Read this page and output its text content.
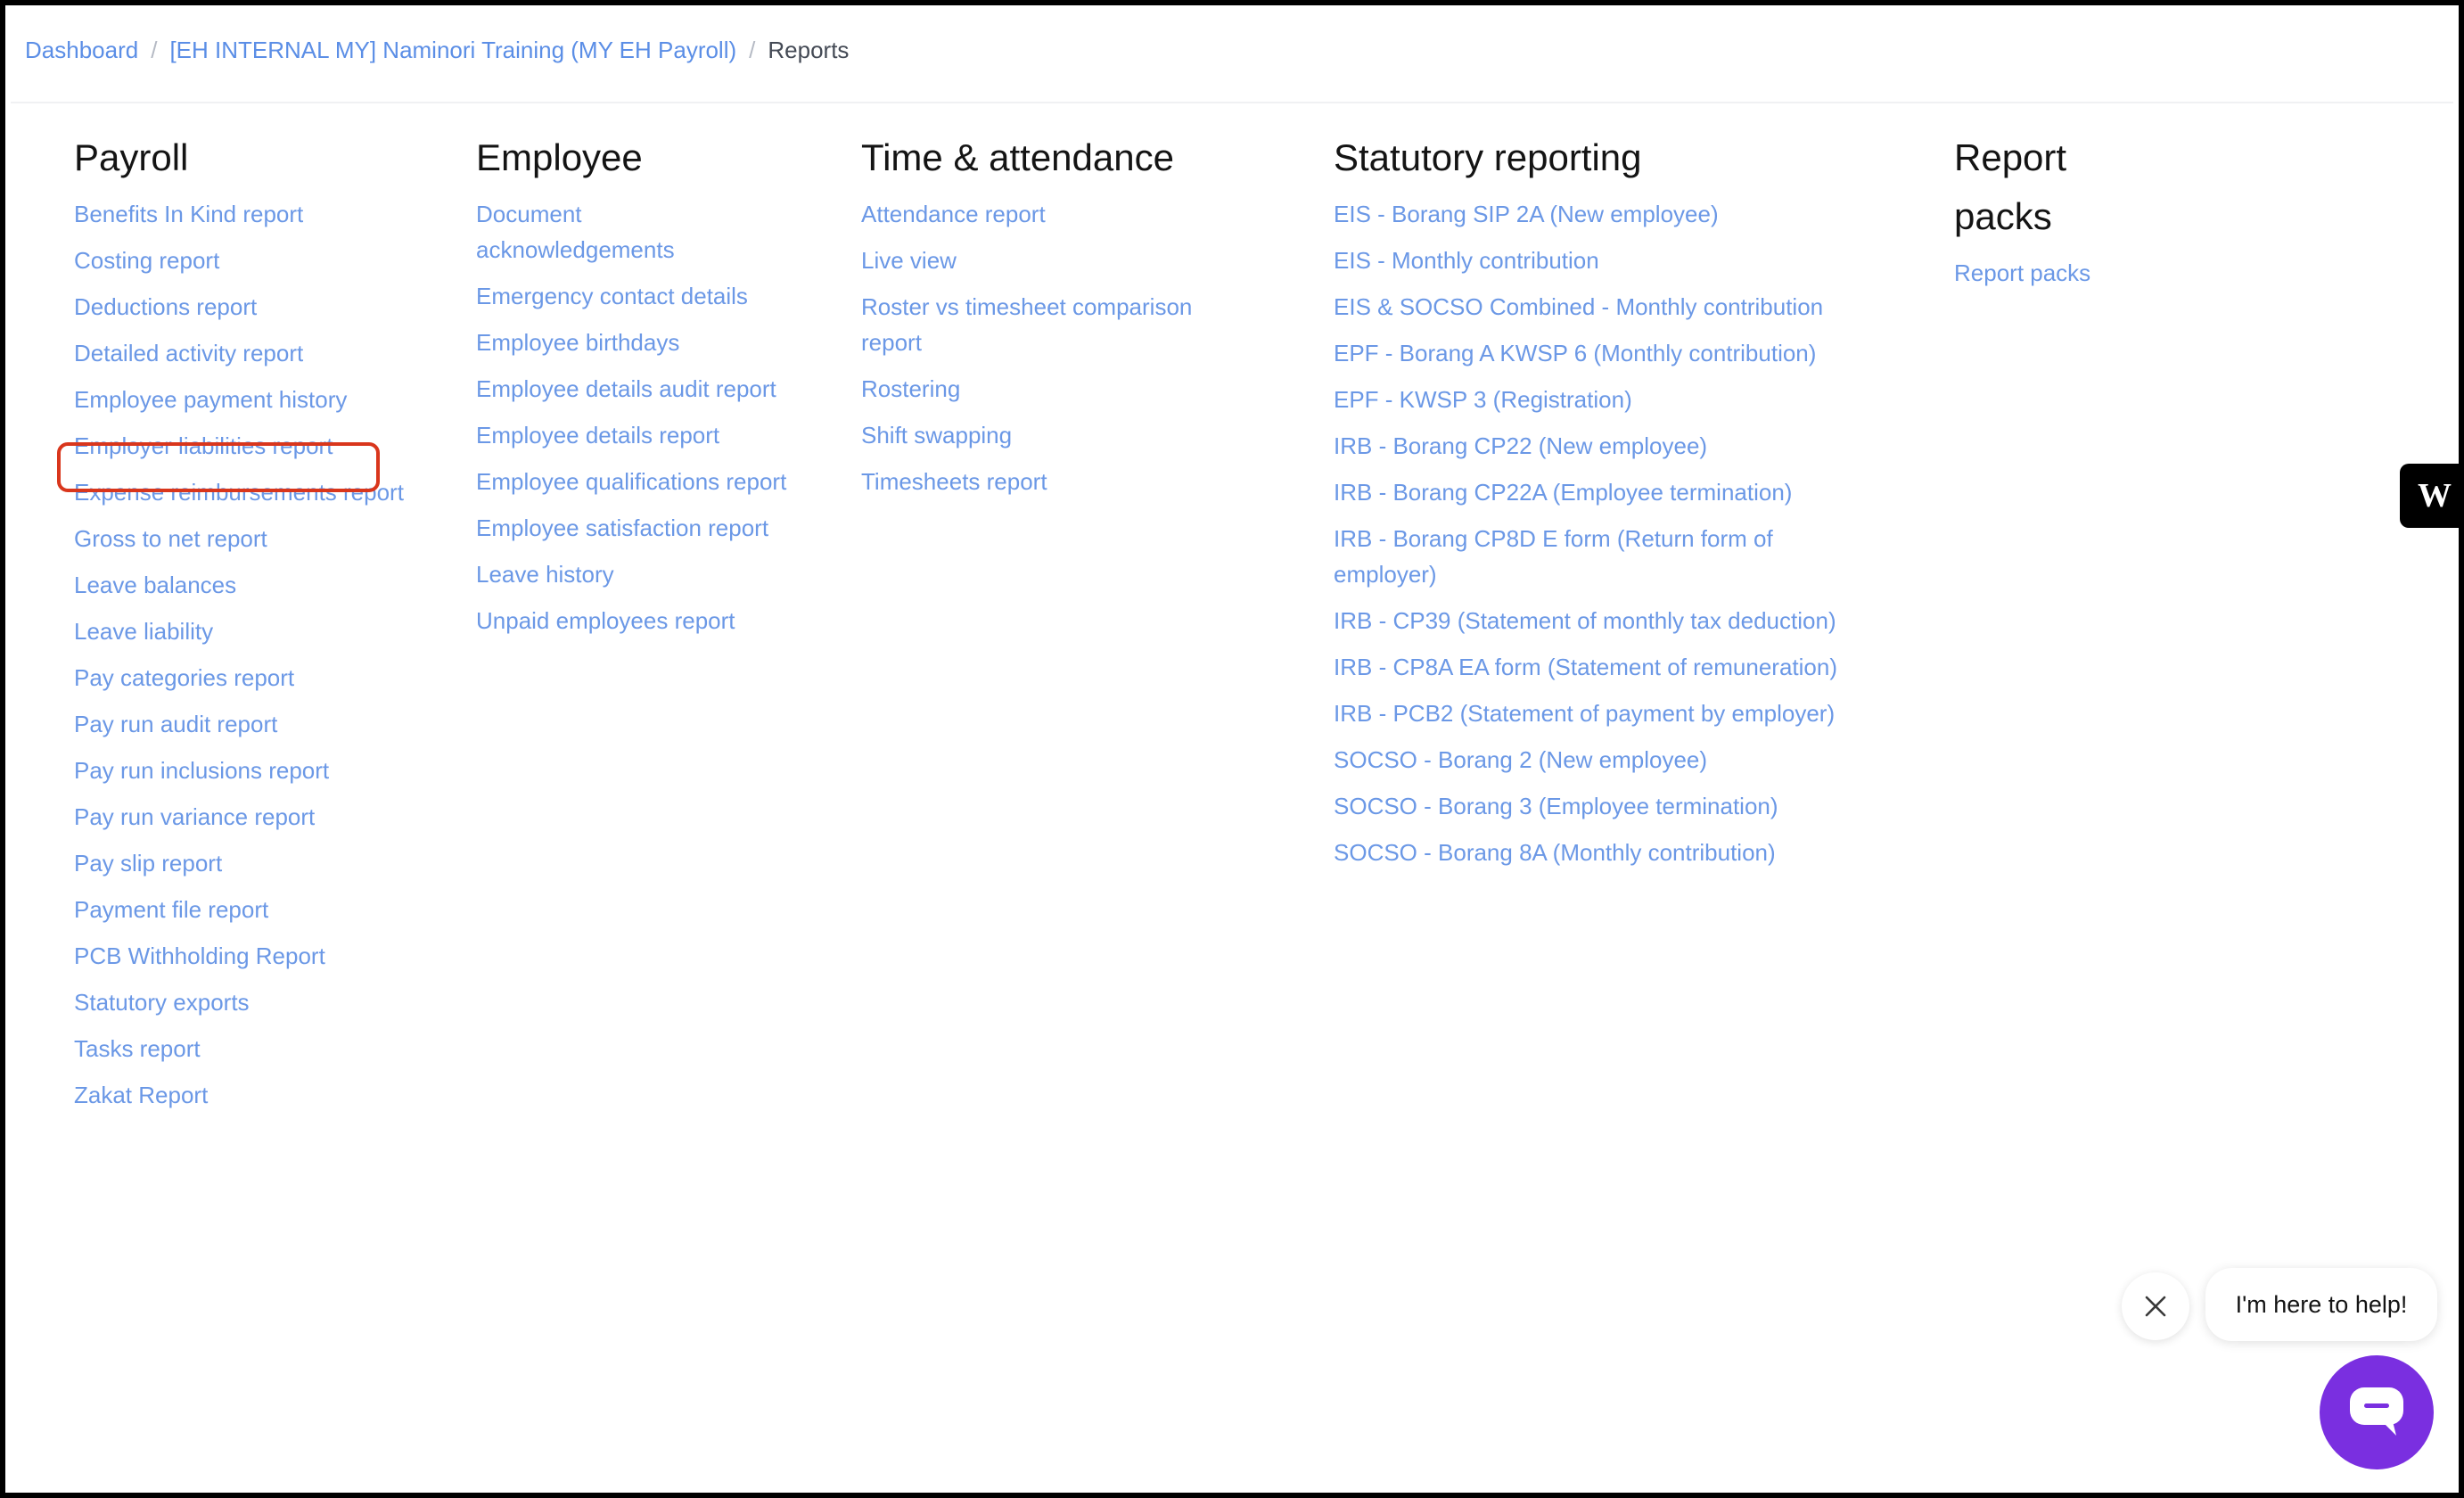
Dashboard / [EH INTERNAL MY] Naminori Training (MY EH Payroll) / Reports
Payroll
Benefits In Kind report
Costing report
Deductions report
Detailed activity report
Employee payment history
Employer liabilities report
Expense reimbursements report
Gross to net report
Leave balances
Leave liability
Pay categories report
Pay run audit report
Pay run inclusions report
Pay run variance report
Pay slip report
Payment file report
PCB Withholding Report
Statutory exports
Tasks report
Zakat Report
Employee
Document acknowledgements
Emergency contact details
Employee birthdays
Employee details audit report
Employee details report
Employee qualifications report
Employee satisfaction report
Leave history
Unpaid employees report
Time & attendance
Attendance report
Live view
Roster vs timesheet comparison report
Rostering
Shift swapping
Timesheets report
Statutory reporting
EIS - Borang SIP 2A (New employee)
EIS - Monthly contribution
EIS & SOCSO Combined - Monthly contribution
EPF - Borang A KWSP 6 (Monthly contribution)
EPF - KWSP 3 (Registration)
IRB - Borang CP22 (New employee)
IRB - Borang CP22A (Employee termination)
IRB - Borang CP8D E form (Return form of employer)
IRB - CP39 (Statement of monthly tax deduction)
IRB - CP8A EA form (Statement of remuneration)
IRB - PCB2 (Statement of payment by employer)
SOCSO - Borang 2 (New employee)
SOCSO - Borang 3 (Employee termination)
SOCSO - Borang 8A (Monthly contribution)
Report packs
Report packs
W
I'm here to help!
